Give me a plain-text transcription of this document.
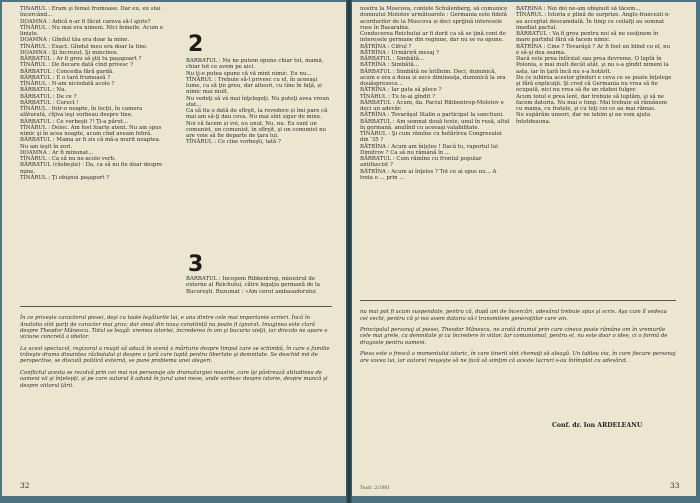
TÎNĂRUL : Eram şi femei frumoase. Dar eu, eu stai încercând...

DOAMNA : Adică n-ar fi făcut careva să-l ajute?

TÎNĂRUL : Nu mai era nimeni. Nici femeile. Acum e linişte.

DOAMNA : Gîndul tău era doar la mine.

TÎNĂRUL : Exact. Gîndul meu era doar la tine.

DOAMNA : Şi încrezut. Şi mincinos.

BĂRBATUL : Ar fi greu să ştii tu paşapoart ?

TÎNĂRUL : De fiecare dată cînd privesc ?

BĂRBATUL : Concedia fără gardă.

BĂRBATUL : E o tară frumoasă ?

TÎNĂRUL : N-am niciodată acolo ?

BĂRBATUL : Nu.

BĂRBATUL : De ce ?

BĂRBATUL : Corect !

TÎNĂRUL : Intr-o noapte, în lecţii, în camera alăturată, cîţiva ieşi vorbeau despre tine.

BĂRBATUL : Ce vorbeşti ?! Ţi-a părut...

TÎNĂRUL : Deloc. Am fost foarte atent. Nu am spus nimic şi în acea noapte, acum cînd aveam febră.

BĂRBATUL : Mama ar fi zis că mă-a murit noaptea. Nu am ieşit în zori.

DOAMNA : Ar fi minunat...

TÎNĂRUL : Ca să nu ne-acolo verb.

BĂRBATUL (răsbeşte) : Da, ca să nu fie doar despre mine.

TÎNĂRUL : Ţi obişnui paşaport ?

2

BĂRBATUL : Nu ne putem opune chiar tot, mamă, chiar tot ce avem pe aici.

Nu ţi-e putea spune că vă mint nimic. Eu nu...

TÎNĂRUL : Trebuie să-l privesc cu el, în aceeaşi lume, ca să ţin greu, dar alteori, cu tine în faţă, și nimic mai mult.

Nu vedeţi să vă mai înţelegeţi. Nu puteţi avea vreun sfat...

Ca să fiu o dată de sfîrşit, la revedere și îmi pare că mai am să-ţi dau ceva. Nu mai sînt sigur de mine.

Noi vă facem și voi, eu unul. Nu, nu. Eu sunt un comunist, un comunist, în sfîrşit, şi un comunist nu are voie să fie departe de ţara lui.

TÎNĂRUL : Ce cine vorbeşti, tată ?

3

BĂRBATUL : Începem Ribbentrop, ministrul de externe al Reichului, către legaţia germană de la Bucureşti. Rezumat : «Am cerut ambasadorului

În ce privește caracterul piesei, deşi cu toate legăturile lui, e una dintre cele mai importante scrieri. Încă în Anatolia sînt parţi de caracter mai grav; dar omul din noua conștiință nu poate fi ignorat. Imaginea este clară despre Theodor Mănescu. Totul se leagă: vremea istoriei, încrederea în om şi bucuria vieţii, iar dincolo ne apare o viziune concretă a ideilor.

La acest spectacol, regizorul a reuşit să aducă în scenă o mărturie despre timpul care se schimbă, în care o familie trăieşte drama dinaintea războiului şi despre o țară care luptă pentru libertate şi demnitate. Se deschid mii de perspective, se discută politică externă, se pune problema unei alegeri.

Conflictul acesta se rezolvă prin cei mai noi personaje ale dramaturgiei noastre, care îşi păstrează atitudinea de oameni vii şi înţelepţi, și pe care autorul îi adună în jurul unei mese, unde vorbesc despre istorie, despre muncă şi despre viitorul ţării.

32

nostru la Moscova, contele Schulenberg, să comunice domnului Molotov următoarele : Germania este fidelă acordurilor de la Moscova și deci sprijină interesele ruse în Basarabia.

Conducerea Reichului ar fi dorit ca să se ţină cont de interesele germane din regiune, dar nu se va opune.

BĂTRÎNA : Cifrul ?

BĂTRÎNA : Urmăriră mesaj ?

BĂRBATUL : Simbătă...

BĂTRÎNA : Simbătă...

BĂRBATUL : Simbătă ne întîlnim. Deci, duminică, acum e ora a doua și zece dimineaţa, duminică la ora douăsprezece...

BĂTRÎNA : Iar gata să plece ?

TÎNĂRUL : Tu te-ai gîndit ?

BĂRBATUL : Acum, da. Pactul Ribbentrop-Molotov e deci un adevăr.

BĂTRÎNA : Tovarăşul Stalin a participat la sanctiuni.

BĂRBATUL : Am semnat două texte, unul în rusă, altul în germană, anulînd cu aceeaşi valabilitate.

TÎNĂRUL : Şi cum rămîne cu hotărîrea Congresului din '35 ?

BĂTRÎNA : Acum am înţeles ! Dacă tu, raportul lui Dimitrov ? Ca să nu rămână în ...

BĂRBATUL : Cum rămîne cu frontul popular antifascist ?

BĂTRÎNA : Acum ai înţeles ? Tot ce ai spus nu... A treia o ... prin ...

BĂTRÎNA : Noi doi ne-am obişnuit să tăcem...

TÎNĂRUL : Istoria e plină de surprize. Anglo-francezii n-au acceptat deocamdată. În timp ce ceilalţi au semnat imediat pactul.

BĂRBATUL : Va fi greu pentru noi să ne susţinem în mare partidul fără să facem nimic.

BĂTRÎNA : Cine ? Tovarăşii ? Ar fi fost un blind cu el, nu e să-şi dea seama.

Dacă este prea întîrziat sau prea devreme. O luptă în Polonia, e mai mult decât atât, şi nu s-a gîndit nimeni la asta, iar în ţară încă nu s-a hotărît.

De ce iubirea acestor gînduri e ceva ce se poate înţelege şi fără explicaţii. Şi cred că Germania nu vrea să fie ocupată, nici nu vrea să fie un război fulger.

Acum totul e prea lent, dar trebuie să luptăm, şi să ne facem datoria. Nu mai e timp. Mai trebuie să rămânem cu mama, cu fratele, şi cu toţi cei ce au mai rămas.

Ne supărăm uneori, dar ne iubim şi ne vom ajuta întotdeauna.

nu mai pot fi acum suspendate, pentru că, după ani de încercări, adevărul trebuie spus şi scris. Aşa cum îl vedeau cei vechi, pentru că şi noi avem datoria să-l transmitem generaţiilor care vin.

Principalul personaj al piesei, Theodor Mănescu, ne arată drumul prin care cineva poate rămâne om în vremurile cele mai grele, cu demnitate şi cu încredere în viitor. Iar comunismul, pentru el, nu este doar o idee, ci o formă de dragoste pentru oameni.

Piesa este o frescă a momentului istoric, în care tinerii sînt chemaţi să aleagă. Un tablou viu, în care fiecare personaj are vocea lui, iar autorul reuşeşte să ne facă să simţim că aceste lucruri s-au întîmplat cu adevărat.

Conf. dr. Ion ARDELEANU
Teatr. 2/1981	33
